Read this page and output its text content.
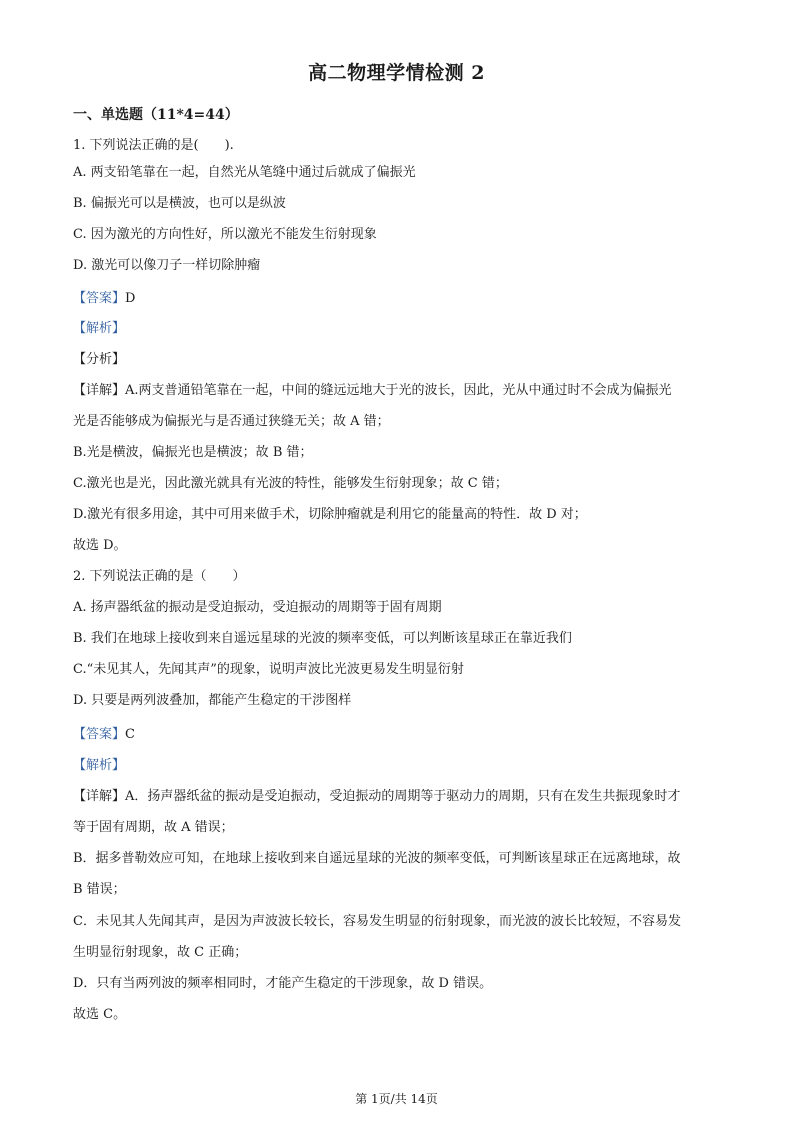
高二物理学情检测 2
一、单选题（11*4=44）
1. 下列说法正确的是(　　).
A. 两支铅笔靠在一起，自然光从笔缝中通过后就成了偏振光
B. 偏振光可以是横波，也可以是纵波
C. 因为激光的方向性好，所以激光不能发生衍射现象
D. 激光可以像刀子一样切除肿瘤
【答案】D
【解析】
【分析】
【详解】A.两支普通铅笔靠在一起，中间的缝远远地大于光的波长，因此，光从中通过时不会成为偏振光
光是否能够成为偏振光与是否通过狭缝无关；故 A 错；
B.光是横波，偏振光也是横波；故 B 错；
C.激光也是光，因此激光就具有光波的特性，能够发生衍射现象；故 C 错；
D.激光有很多用途，其中可用来做手术，切除肿瘤就是利用它的能量高的特性．故 D 对；
故选 D。
2. 下列说法正确的是（　　）
A. 扬声器纸盆的振动是受迫振动，受迫振动的周期等于固有周期
B. 我们在地球上接收到来自遥远星球的光波的频率变低，可以判断该星球正在靠近我们
C.“未见其人，先闻其声”的现象，说明声波比光波更易发生明显衍射
D. 只要是两列波叠加，都能产生稳定的干涉图样
【答案】C
【解析】
【详解】A．扬声器纸盆的振动是受迫振动，受迫振动的周期等于驱动力的周期，只有在发生共振现象时才
等于固有周期，故 A 错误；
B．据多普勒效应可知，在地球上接收到来自遥远星球的光波的频率变低，可判断该星球正在远离地球，故
B 错误；
C．未见其人先闻其声，是因为声波波长较长，容易发生明显的衍射现象，而光波的波长比较短，不容易发
生明显衍射现象，故 C 正确；
D．只有当两列波的频率相同时，才能产生稳定的干涉现象，故 D 错误。
故选 C。
第 1页/共 14页
